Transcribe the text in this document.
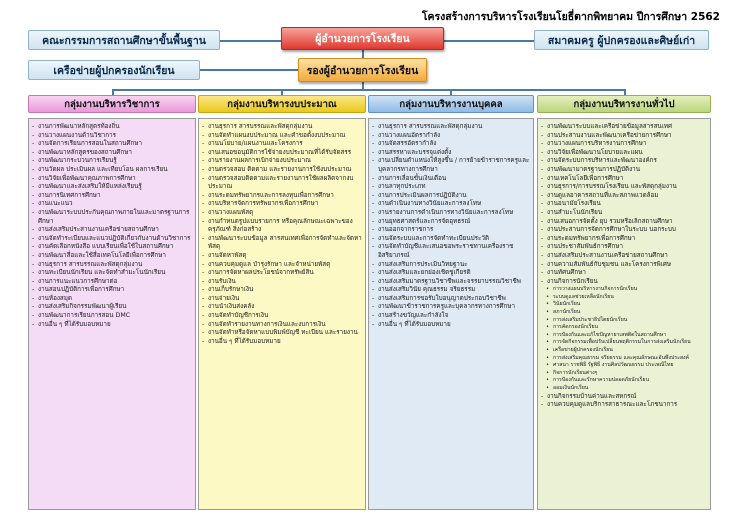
โครงสร้างการบริหารโรงเรียนโยธี่ตากพิทยาคม ปีการศึกษา 2562
คณะกรรมการสถานศึกษาขั้นพื้นฐาน	ผู้อำนวยการโรงเรียน	สมาคมครู ผู้ปกครองและศิษย์เก่า
เครือข่ายผู้ปกครองนักเรียน	รองผู้อำนวยการโรงเรียน
กลุ่มงานบริหารวิชาการ	กลุ่มงานบริหารงบประมาณ	กลุ่มงานบริหารงานบุคคล	กลุ่มงานบริหารงานทั่วไป
- งานการพัฒนาหลักสูตรท้องถิ่น
- งานวางแผนงานด้านวิชาการ
- งานจัดการเรียนการสอนในสถานศึกษา
- งานพัฒนาหลักสูตรของสถานศึกษา
- งานพัฒนากระบวนการเรียนรู้
- งานวัดผล ประเมินผล และเทียบโอน ผลการเรียน
- งานวิจัยเพื่อพัฒนาคุณภาพการศึกษา
- งานพัฒนาและส่งเสริมให้มีแหล่งเรียนรู้
- งานการนิเทศการศึกษา
- งานแนะแนว
- งานพัฒนาระบบประกันคุณภาพภายในและมาตรฐานการศึกษา
- งานส่งเสริมประสานงานเครือข่ายสถานศึกษา
- งานจัดทำระเบียบและแนวปฏิบัติเกี่ยวกับงานด้านวิชาการ
- งานคัดเลือกหนังสือ แบบเรียนเพื่อใช้ในสถานศึกษา
- งานพัฒนาสื่อและใช้สื่อเทคโนโลยีเพื่อการศึกษา
- งานธุรการ สารบรรณและพัสดุกลุ่มงาน
- งานทะเบียนนักเรียน และจัดทำสำมะโนนักเรียน
- งานการแนะแนวการศึกษาต่อ
- งานสอนปฏิบัติการเพื่อการศึกษา
- งานห้องสมุด
- งานส่งเสริมกิจกรรมพัฒนาผู้เรียน
- งานพัฒนาการเรียนการสอน DMC
- งานอื่น ๆ ที่ได้รับมอบหมาย
- งานธุรการ สารบรรณและพัสดุกลุ่มงาน
- งานจัดทำแผนงบประมาณ และคำขอตั้งงบประมาณ
- งานนโยบาย/แผนงานและโครงการ
- งานเสนอขอนุมัติการใช้จ่ายงบประมาณที่ได้รับจัดสรร
- งานรายงานผลการเบิกจ่ายงบประมาณ
- งานตรวจสอบ ติดตาม และรายงานการใช้งบประมาณ
- งานตรวจสอบติดตามและรายงานการใช้ผลผลิตจากงบประมาณ
- งานระดมทรัพยากรและการลงทุนเพื่อการศึกษา
- งานบริหารจัดการทรัพยากรเพื่อการศึกษา
- งานวางแผนพัสดุ
- งานกำหนดรูปแบบรายการ หรือคุณลักษณะเฉพาะของครุภัณฑ์ สิ่งก่อสร้าง
- งานพัฒนาระบบข้อมูล สารสนเทศเพื่อการจัดทำและจัดหาพัสดุ
- งานจัดหาพัสดุ
- งานควบคุมดูแล บำรุงรักษา และจำหน่ายพัสดุ
- งานการจัดหาผลประโยชน์จากทรัพย์สิน
- งานรับเงิน
- งานเก็บรักษาเงิน
- งานจ่ายเงิน
- งานนำเงินส่งคลัง
- งานจัดทำบัญชีการเงิน
- งานจัดทำรายงานทางการเงินและงบการเงิน
- งานจัดทำหรือจัดหาแบบพิมพ์บัญชี ทะเบียน และรายงาน
- งานอื่น ๆ ที่ได้รับมอบหมาย
- งานธุรการ สารบรรณและพัสดุกลุ่มงาน
- งานวางแผนอัตรากำลัง
- งานจัดสรรอัตรากำลัง
- งานสรรหาและบรรจุแต่งตั้ง
- งานเปลี่ยนตำแหน่งให้สูงขึ้น / การย้ายข้าราชการครูและบุคลากรทางการศึกษา
- งานการเลื่อนขั้นเงินเดือน
- งานลาทุกประเภท
- งานการประเมินผลการปฏิบัติงาน
- งานดำเนินงานทางวินัยและการลงโทษ
- งานรายงานการดำเนินการทางวินัยและการลงโทษ
- งานยุทธศาสตร์และการจัดอุทธรณ์
- งานออกจากราชการ
- งานจัดระบบและการจัดทำทะเบียนประวัติ
- งานจัดทำบัญชีและเสนอขอพระราชทานเครื่องราชอิสริยาภรณ์
- งานส่งเสริมการประเมินวิทยฐานะ
- งานส่งเสริมและยกย่องเชิดชูเกียรติ
- งานส่งเสริมมาตรฐานวิชาชีพและจรรยาบรรณวิชาชีพ
- งานส่งเสริมวินัย คุณธรรม จริยธรรม
- งานส่งเสริมการขอรับใบอนุญาตประกอบวิชาชีพ
- งานพัฒนาข้าราชการครูและบุคลากรทางการศึกษา
- งานสร้างขวัญและกำลังใจ
- งานอื่น ๆ ที่ได้รับมอบหมาย
- งานพัฒนาระบบและเครือข่ายข้อมูลสารสนเทศ
- งานประสานงานและพัฒนาเครือข่ายการศึกษา
- งานวางแผนการบริหารงานการศึกษา
- งานวิจัยเพื่อพัฒนานโยบายและแผน
- งานจัดระบบการบริหารและพัฒนาองค์กร
- งานพัฒนามาตรฐานการปฏิบัติงาน
- งานเทคโนโลยีเพื่อการศึกษา
- งานธุรการ/การบรรณโรงเรียน และพัสดุกลุ่มงาน
- งานดูแลอาคารสถานที่และสภาพแวดล้อม
- งานอนามัยโรงเรียน
- งานสำมะโนนักเรียน
- งานเสนอการจัดตั้ง ยุบ รวมหรือเลิกสถานศึกษา
- งานประสานการจัดการศึกษาในระบบ นอกระบบ
- งานระดมทรัพยากรเพื่อการศึกษา
- งานประชาสัมพันธ์การศึกษา
- งานส่งเสริมประสานงานเครือข่ายสถานศึกษา
- งานความสัมพันธ์กับชุมชน และโครงการพิเศษ
- งานทัศนศึกษา
- งานกิจการนักเรียน
• การวางแผนบริหารงานกิจการนักเรียน
• ระบบดูแลช่วยเหลือนักเรียน
• วินัยนักเรียน
• สภานักเรียน
• การส่งเสริมประชาธิปไตยนักเรียน
• การคัดกรองนักเรียน
• การป้องกันและแก้ไขปัญหายาเสพติดในสถานศึกษา
• การจัดกิจกรรมเพื่อปรับเปลี่ยนพฤติกรรมในการส่งเสริมนักเรียน
• เครือข่ายผู้ปกครองนักเรียน
• การส่งเสริมคุณธรรม จริยธรรม และคุณลักษณะอันพึงประสงค์
• ศาสนา ราชพิธี รัฐพิธี งานศิลปวัฒนธรรม ประเพณีไทย
• กิจการนักเรียนต่างๆ
• การป้องกันและรักษาความปลอดภัยนักเรียน
• ออมเงินนักเรียน
- งานกิจกรรมบ้านค่านและสหกรณ์
- งานควบคุมดูแลบริการสาธารณะและโภชนาการ
